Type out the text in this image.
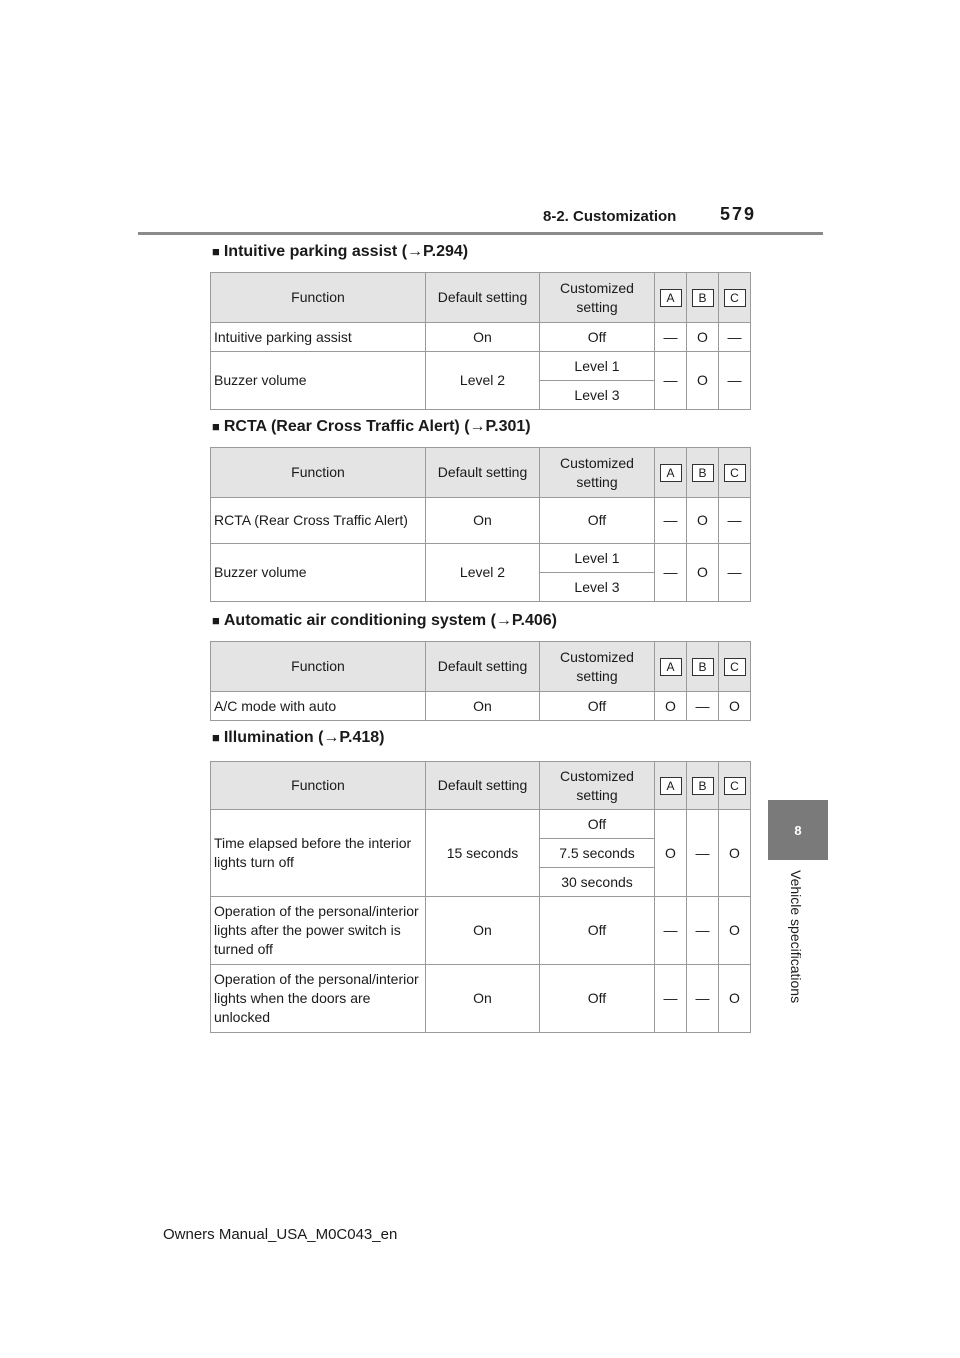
8-2. Customization 579
8
Vehicle specifications
■ Intuitive parking assist (→P.294)
Function	Default setting	Customized setting	A	B	C
Intuitive parking assist	On	Off	—	O	—
Buzzer volume	Level 2	Level 1	—	O	—
		Level 3			
■ RCTA (Rear Cross Traffic Alert) (→P.301)
Function	Default setting	Customized setting	A	B	C
RCTA (Rear Cross Traffic Alert)	On	Off	—	O	—
Buzzer volume	Level 2	Level 1	—	O	—
		Level 3			
■ Automatic air conditioning system (→P.406)
Function	Default setting	Customized setting	A	B	C
A/C mode with auto	On	Off	O	—	O
■ Illumination (→P.418)
Function	Default setting	Customized setting	A	B	C
Time elapsed before the interior lights turn off	15 seconds	Off	O	—	O
		7.5 seconds			
		30 seconds			
Operation of the personal/interior lights after the power switch is turned off	On	Off	—	—	O
Operation of the personal/interior lights when the doors are unlocked	On	Off	—	—	O
Owners Manual_USA_M0C043_en
